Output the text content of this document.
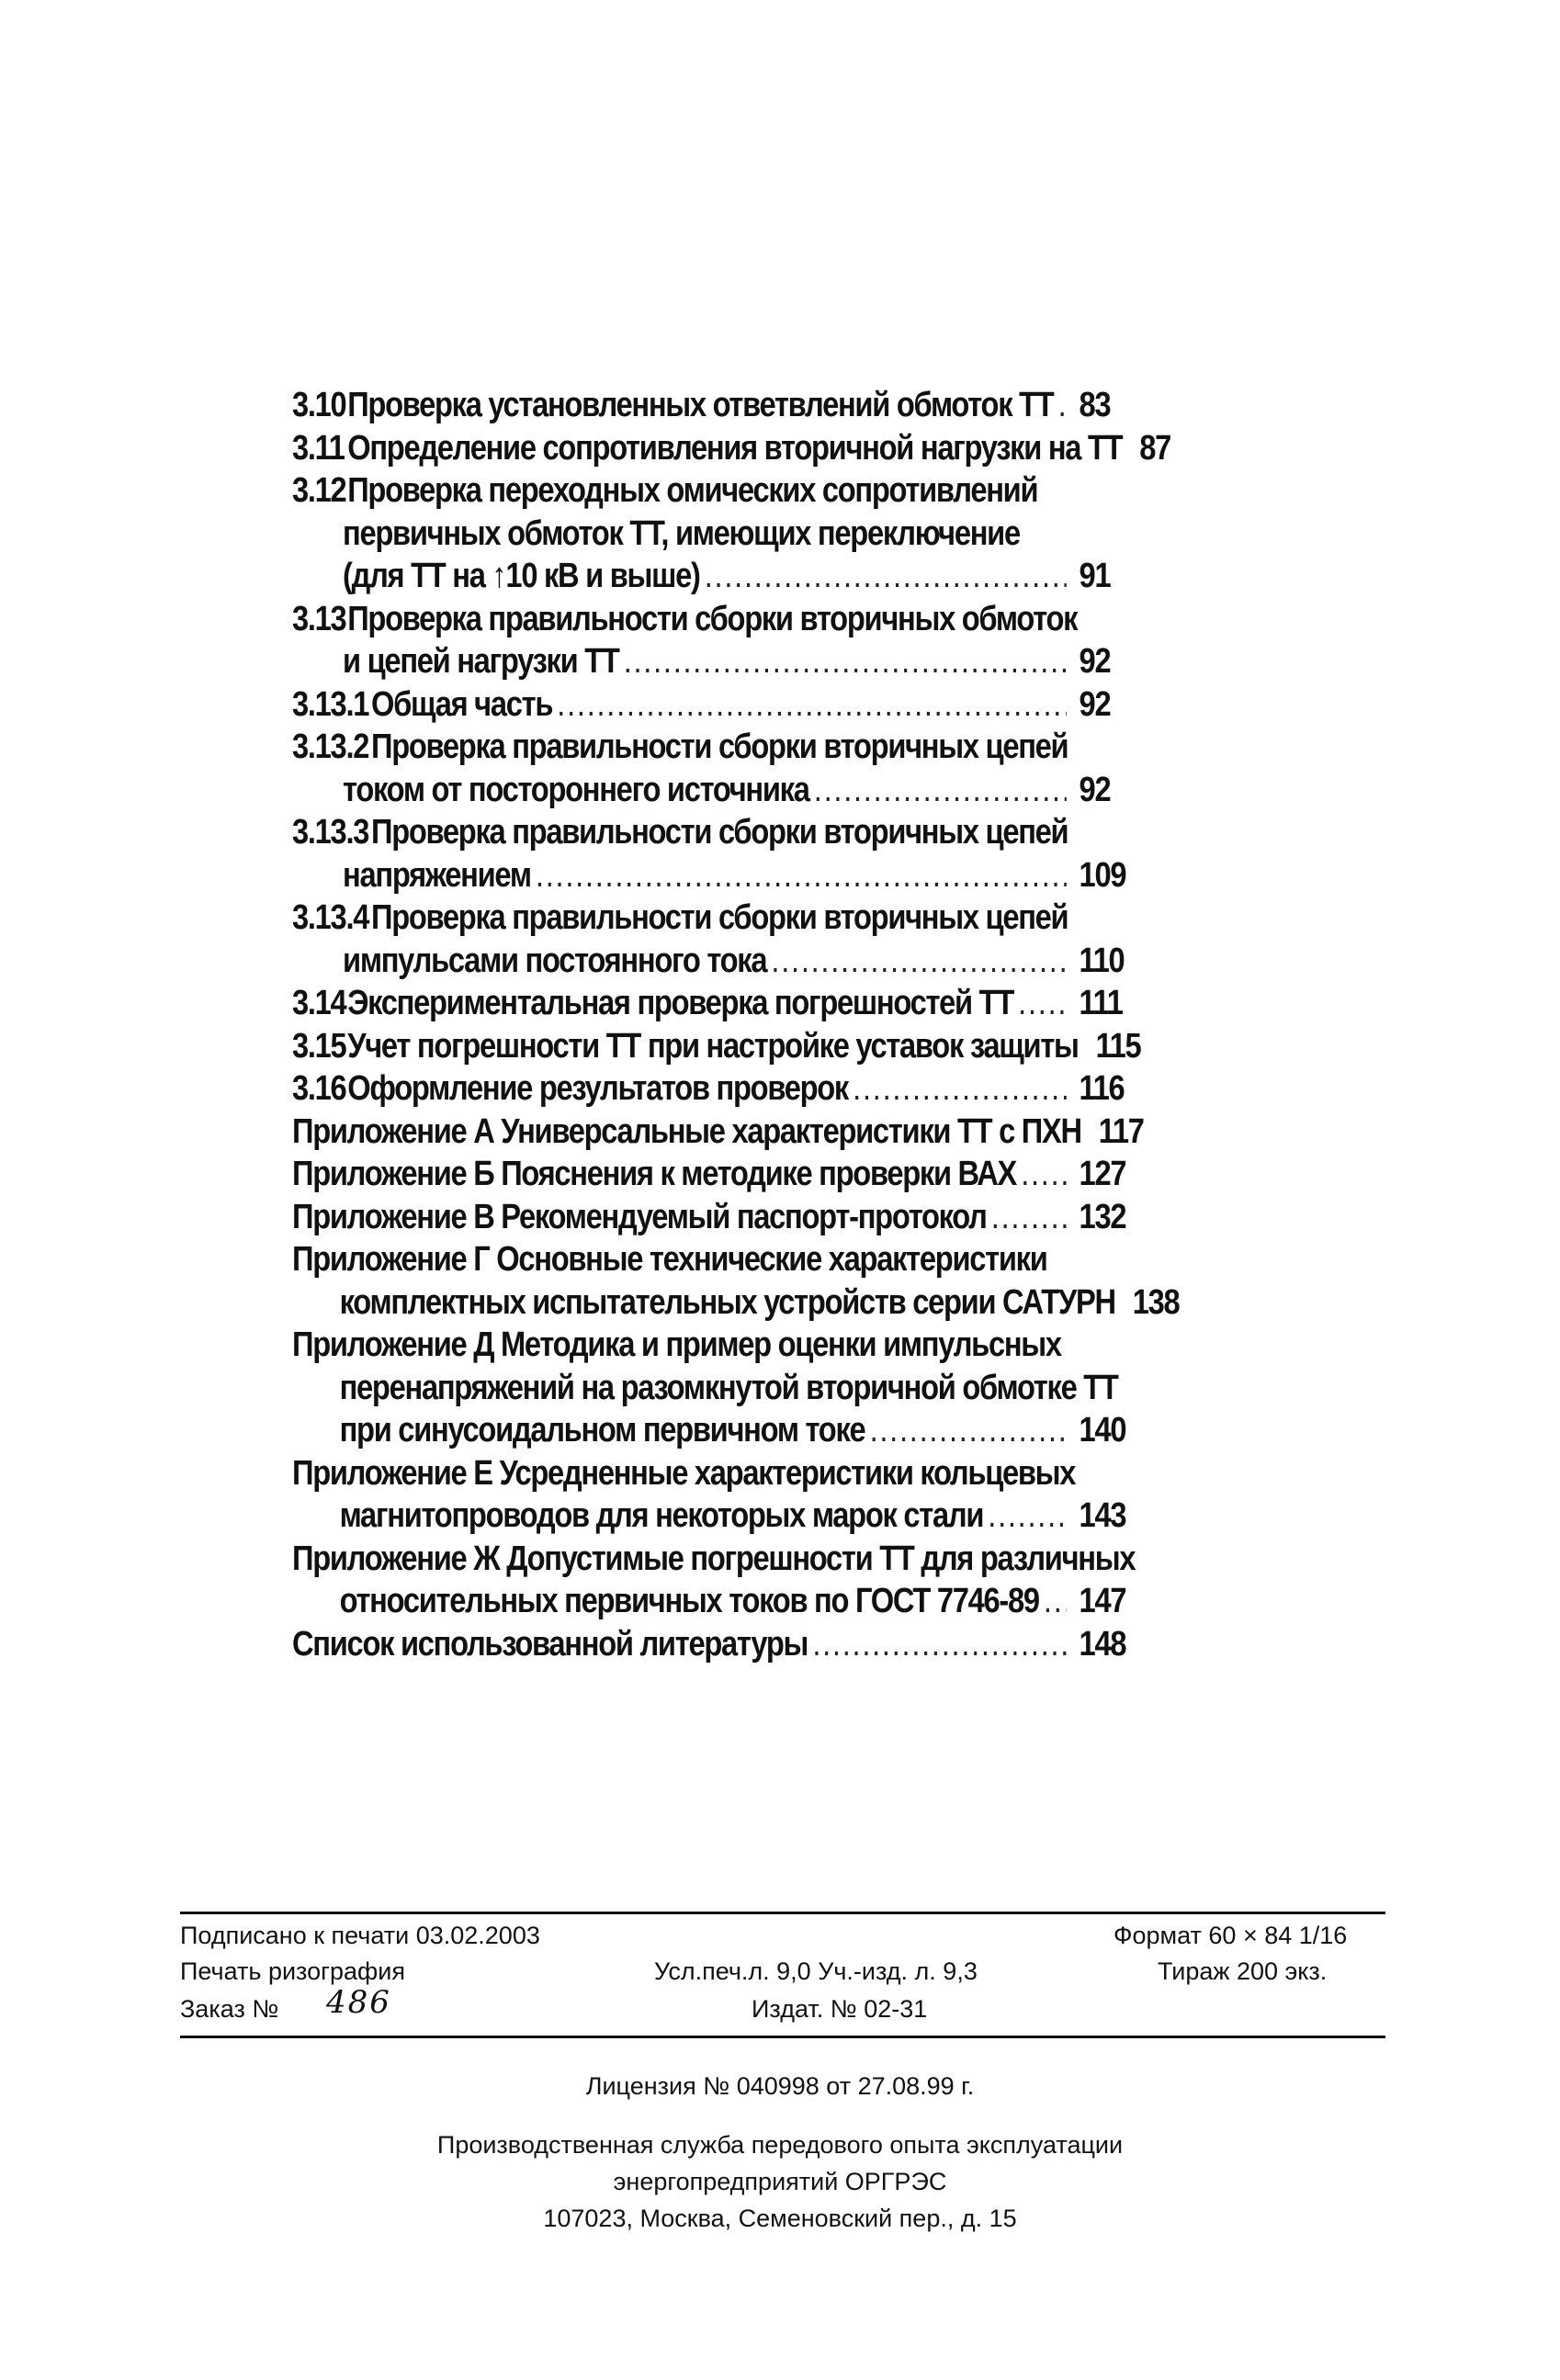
3.10 Проверка установленных ответвлений обмоток ТТ ..... 83
3.11 Определение сопротивления вторичной нагрузки на ТТ 87
3.12 Проверка переходных омических сопротивлений
первичных обмоток ТТ, имеющих переключение
(для ТТ на ↑10 кВ и выше) .....	91
3.13 Проверка правильности сборки вторичных обмоток
и цепей нагрузки ТТ .....	92
3.13.1 Общая часть .....	92
3.13.2 Проверка правильности сборки вторичных цепей
током от постороннего источника .....	92
3.13.3 Проверка правильности сборки вторичных цепей
напряжением .....	109
3.13.4 Проверка правильности сборки вторичных цепей
импульсами постоянного тока .....	110
3.14 Экспериментальная проверка погрешностей ТТ ..... 111
3.15 Учет погрешности ТТ при настройке уставок защиты 115
3.16 Оформление результатов проверок .....	116
Приложение А Универсальные характеристики ТТ с ПХН 117
Приложение Б Пояснения к методике проверки ВАХ ..... 127
Приложение В Рекомендуемый паспорт-протокол .....	132
Приложение Г Основные технические характеристики
комплектных испытательных устройств серии САТУРН 138
Приложение Д Методика и пример оценки импульсных
перенапряжений на разомкнутой вторичной обмотке ТТ
при синусоидальном первичном токе .....	140
Приложение Е Усредненные характеристики кольцевых
магнитопроводов для некоторых марок стали .....	143
Приложение Ж Допустимые погрешности ТТ для различных
относительных первичных токов по ГОСТ 7746-89 ..... 147
Список использованной литературы .....	148
Подписано к печати 03.02.2003
Печать ризография
Заказ № 486
Усл.печ.л. 9,0 Уч.-изд. л. 9,3
Издат. № 02-31
Формат 60 × 84 1/16
Тираж 200 экз.
Лицензия № 040998 от 27.08.99 г.
Производственная служба передового опыта эксплуатации
энергопредприятий ОРГРЭС
107023, Москва, Семеновский пер., д. 15
